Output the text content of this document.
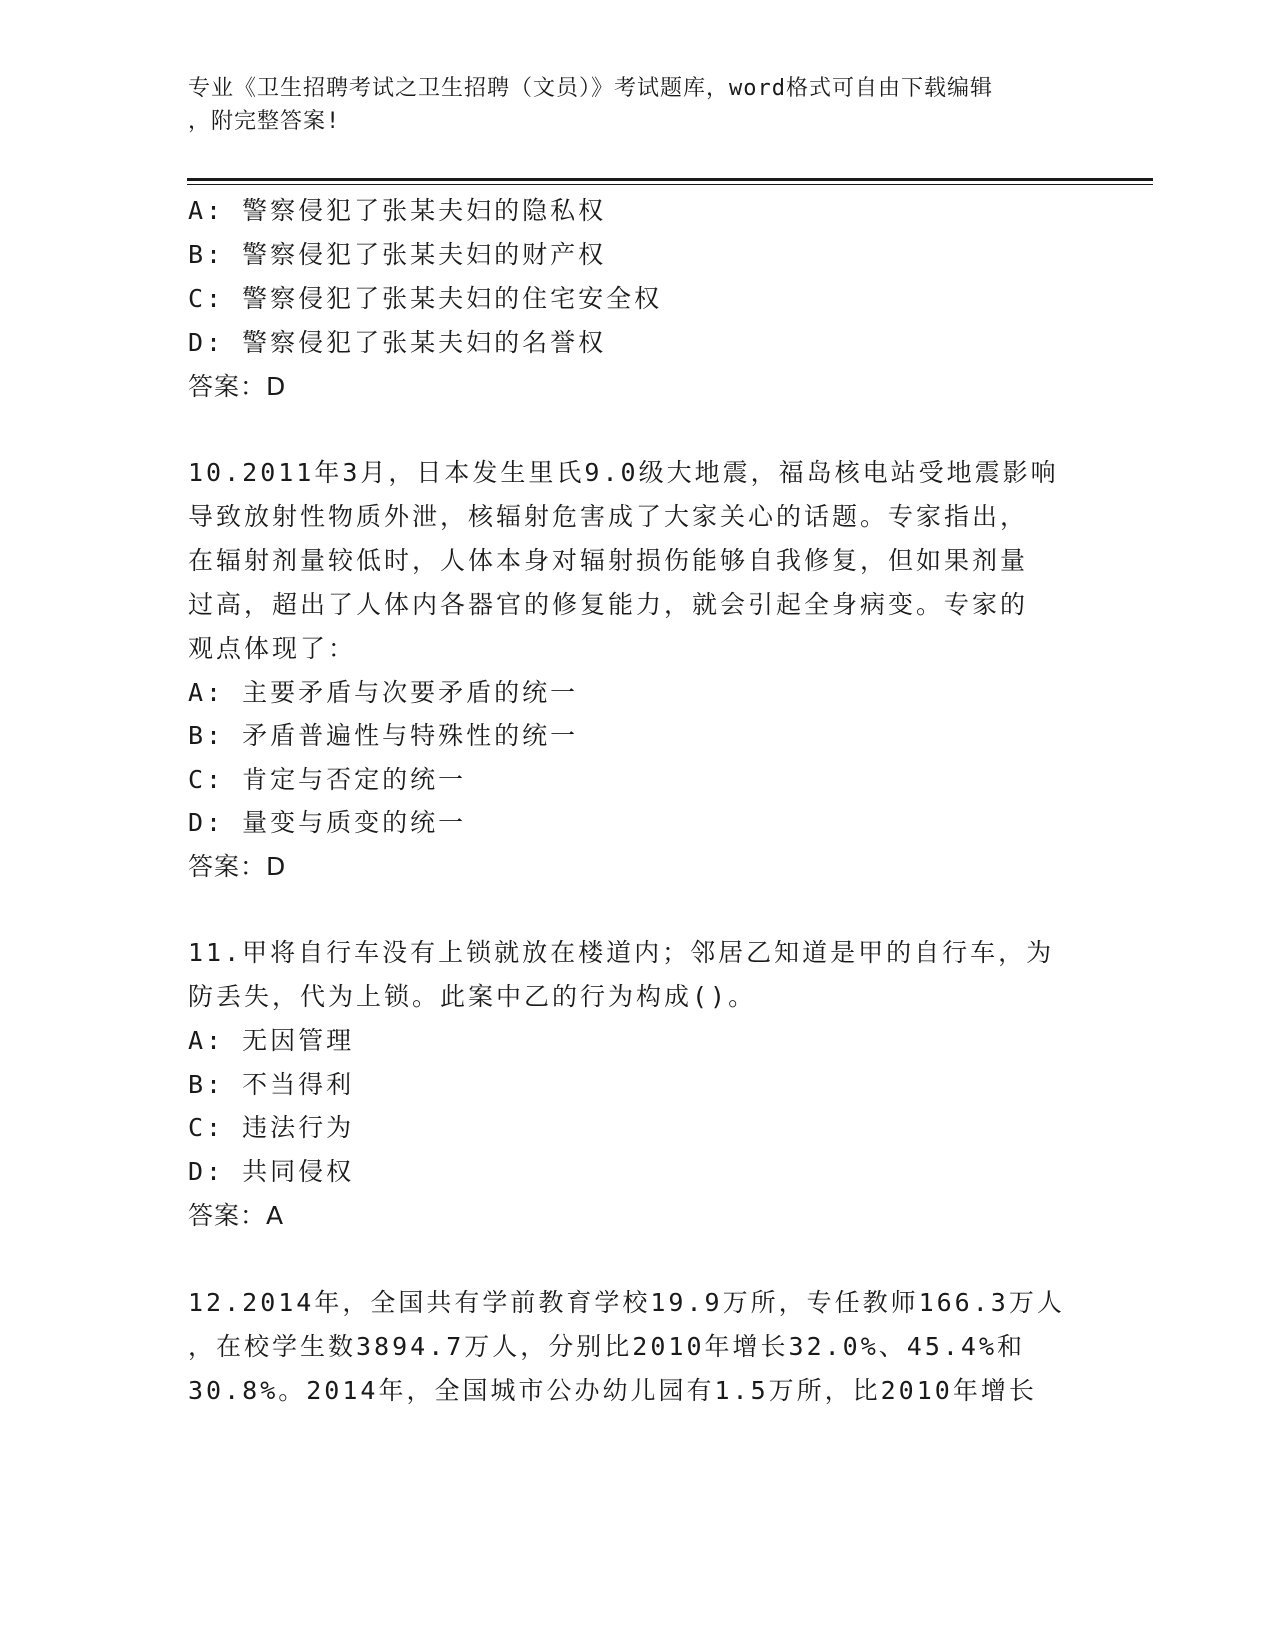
专业《卫生招聘考试之卫生招聘（文员）》考试题库，word格式可自由下载编辑
，附完整答案!
A: 警察侵犯了张某夫妇的隐私权
B: 警察侵犯了张某夫妇的财产权
C: 警察侵犯了张某夫妇的住宅安全权
D: 警察侵犯了张某夫妇的名誉权
答案：D
10.2011年3月，日本发生里氏9.0级大地震，福岛核电站受地震影响
导致放射性物质外泄，核辐射危害成了大家关心的话题。专家指出，
在辐射剂量较低时，人体本身对辐射损伤能够自我修复，但如果剂量
过高，超出了人体内各器官的修复能力，就会引起全身病变。专家的
观点体现了：
A: 主要矛盾与次要矛盾的统一
B: 矛盾普遍性与特殊性的统一
C: 肯定与否定的统一
D: 量变与质变的统一
答案：D
11.甲将自行车没有上锁就放在楼道内；邻居乙知道是甲的自行车，为
防丢失，代为上锁。此案中乙的行为构成()。
A: 无因管理
B: 不当得利
C: 违法行为
D: 共同侵权
答案：A
12.2014年，全国共有学前教育学校19.9万所，专任教师166.3万人
，在校学生数3894.7万人，分别比2010年增长32.0%、45.4%和
30.8%。2014年，全国城市公办幼儿园有1.5万所，比2010年增长
